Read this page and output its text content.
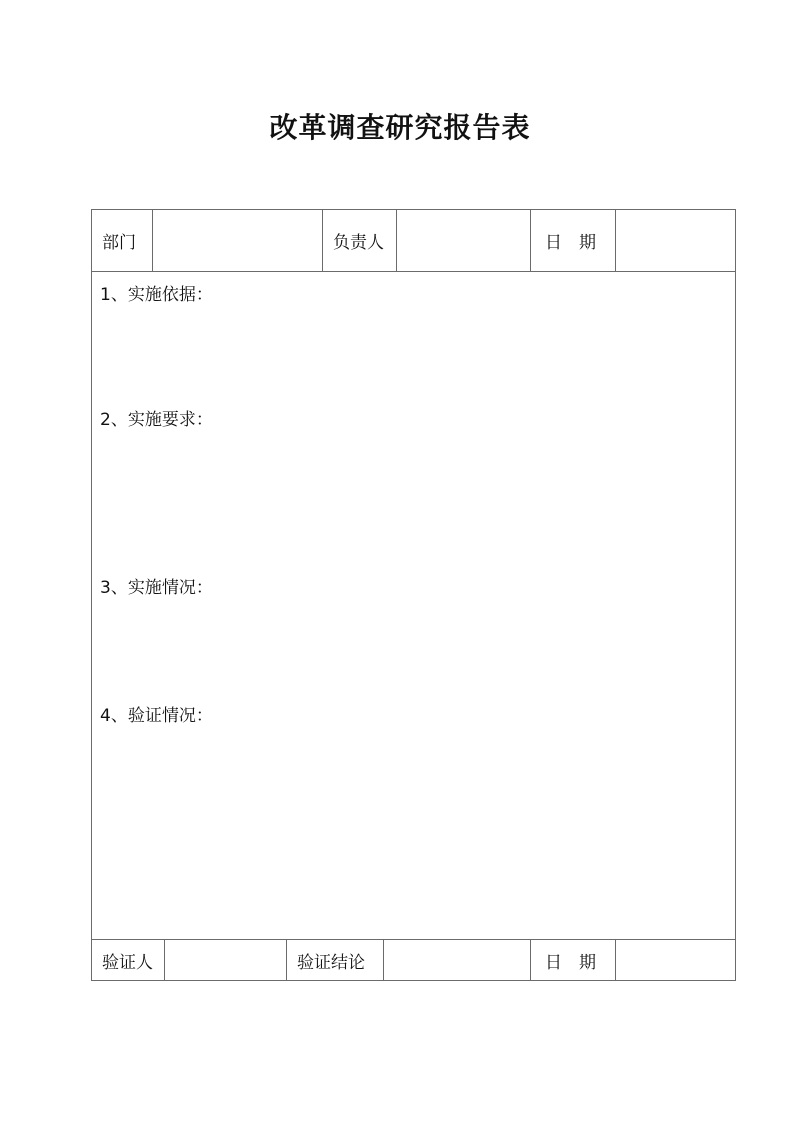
改革调查研究报告表
部门	负责人	日　期
1、实施依据：
2、实施要求：
3、实施情况：
4、验证情况：
验证人	验证结论	日　期
